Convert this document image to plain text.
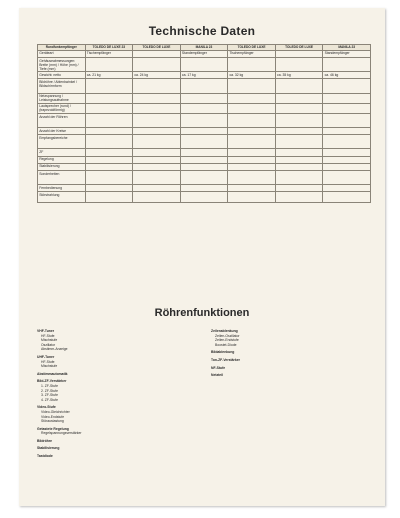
Technische Daten
Rundfunkempfänger	TOLEDO DE LUXE 23	TOLEDO DE LUXE	MANILA 23	TOLEDO DE LUXE	TOLEDO DE LUXE	MANILA 23
Geräteart	Tischempfänger		Standempfänger	Tischempfänger		Standempfänger
Gehäuseabmessungen: Breite (mm) / Höhe (mm) / Tiefe (mm)						
Gewicht: netto	ca. 21 kg	ca. 24 kg	ca. 17 kg	ca. 32 kg	ca. 35 kg	ca. 46 kg
Bildröhre / Ablenkwinkel / Bildschirmform						
Netzspannung / Leistungsaufnahme						
Lautsprecher (rund) / (trapezoidförmig)						
Anzahl der Röhren						
Anzahl der Kreise						
Empfangsbereiche						
ZF						
Regelung						
Stabilisierung						
Sonderheiten						
Fernbedienung						
Störstrahlung						
Röhrenfunktionen
VHF-Tuner
HF-Stufe
Mischstufe
Oszillator
Abstimm-Anzeige
UHF-Tuner
HF-Stufe
Mischstufe
Abstimmautomatik
Bild-ZF-Verstärker
1. ZF-Stufe
2. ZF-Stufe
3. ZF-Stufe
4. ZF-Stufe
Video-Stufe
Video-Gleichrichter
Video-Endstufe
Störaustastung
Getastete Regelung
Regelspannungsverstärker
Bildröhre
Stabilisierung
Tastdiode
Zeilenablenkung
Zeilen-Oszillator
Zeilen-Endstufe
Boostet-Diode
Bildablenkung
Ton-ZF-Verstärker
NF-Stufe
Netzteil
